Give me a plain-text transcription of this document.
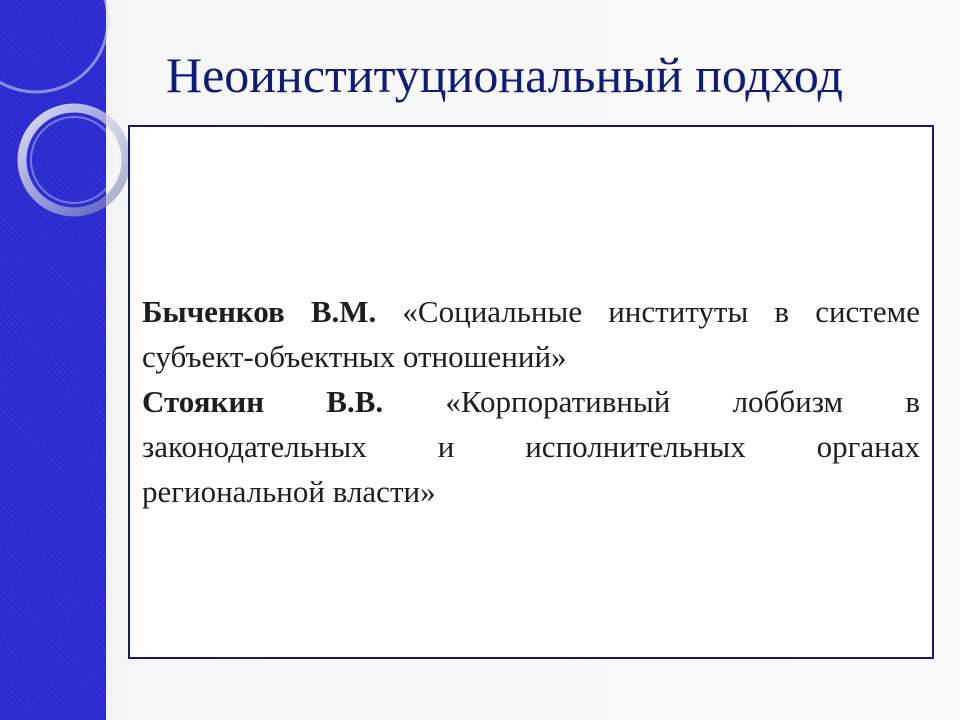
Неоинституциональный подход

Быченков В.М. «Социальные институты в системе субъект-объектных отношений»

Стоякин В.В. «Корпоративный лоббизм в законодательных и исполнительных органах региональной власти»
